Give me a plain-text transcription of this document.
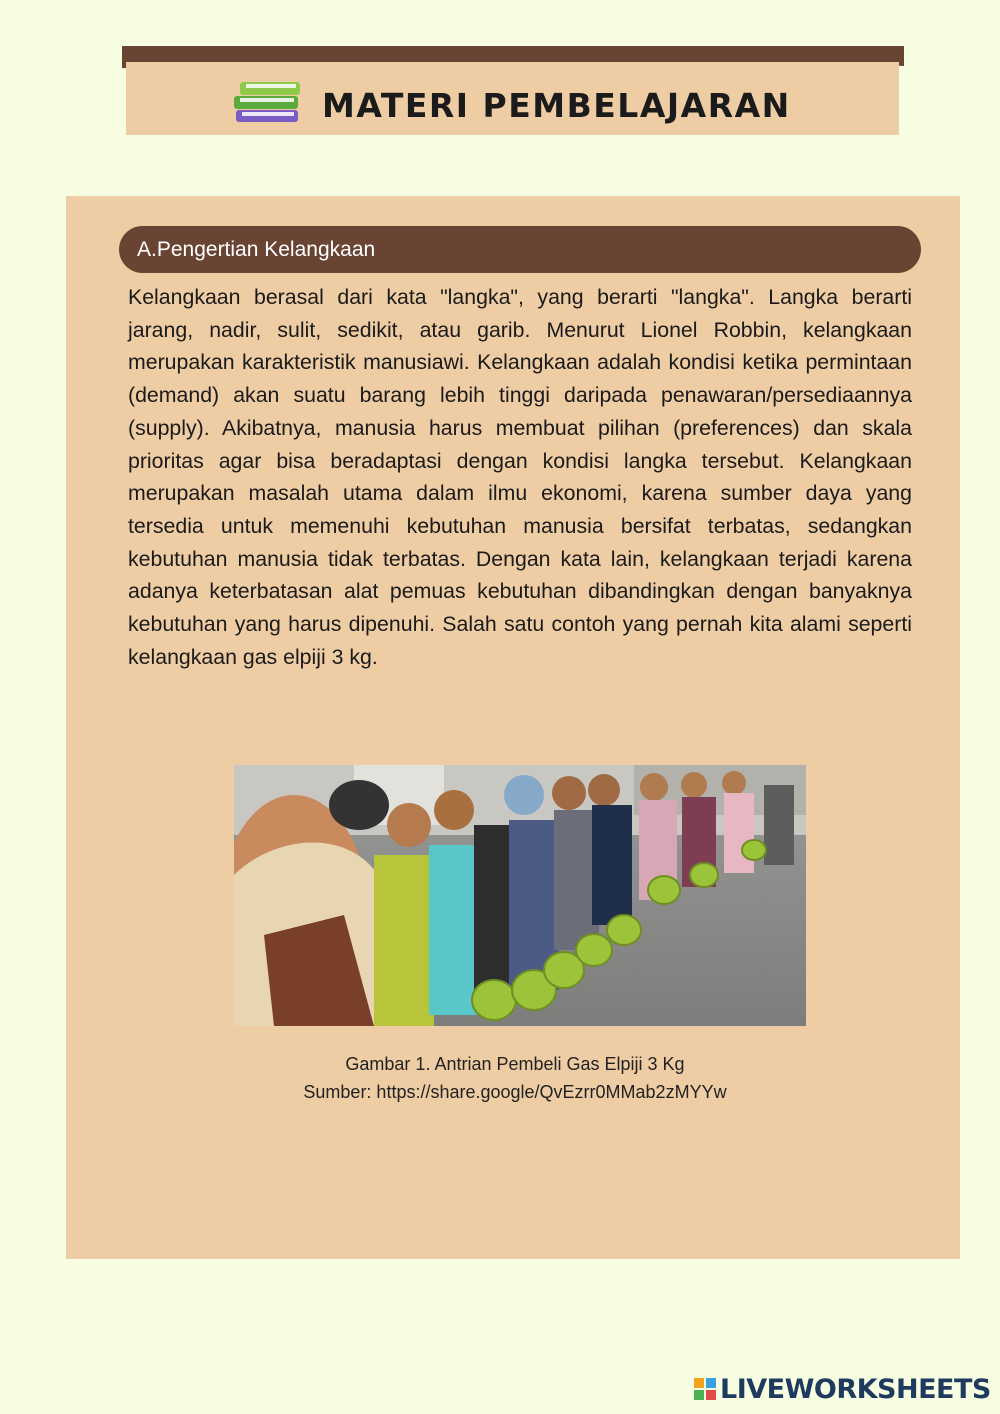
MATERI PEMBELAJARAN
A.Pengertian Kelangkaan

Kelangkaan berasal dari kata "langka", yang berarti "langka". Langka berarti jarang, nadir, sulit, sedikit, atau garib. Menurut Lionel Robbin, kelangkaan merupakan karakteristik manusiawi. Kelangkaan adalah kondisi ketika permintaan (demand) akan suatu barang lebih tinggi daripada penawaran/persediaannya (supply). Akibatnya, manusia harus membuat pilihan (preferences) dan skala prioritas agar bisa beradaptasi dengan kondisi langka tersebut. Kelangkaan merupakan masalah utama dalam ilmu ekonomi, karena sumber daya yang tersedia untuk memenuhi kebutuhan manusia bersifat terbatas, sedangkan kebutuhan manusia tidak terbatas. Dengan kata lain, kelangkaan terjadi karena adanya keterbatasan alat pemuas kebutuhan dibandingkan dengan banyaknya kebutuhan yang harus dipenuhi. Salah satu contoh yang pernah kita alami seperti kelangkaan gas elpiji 3 kg.

Gambar 1. Antrian Pembeli Gas Elpiji 3 Kg
Sumber: https://share.google/QvEzrr0MMab2zMYYw
LIVEWORKSHEETS
